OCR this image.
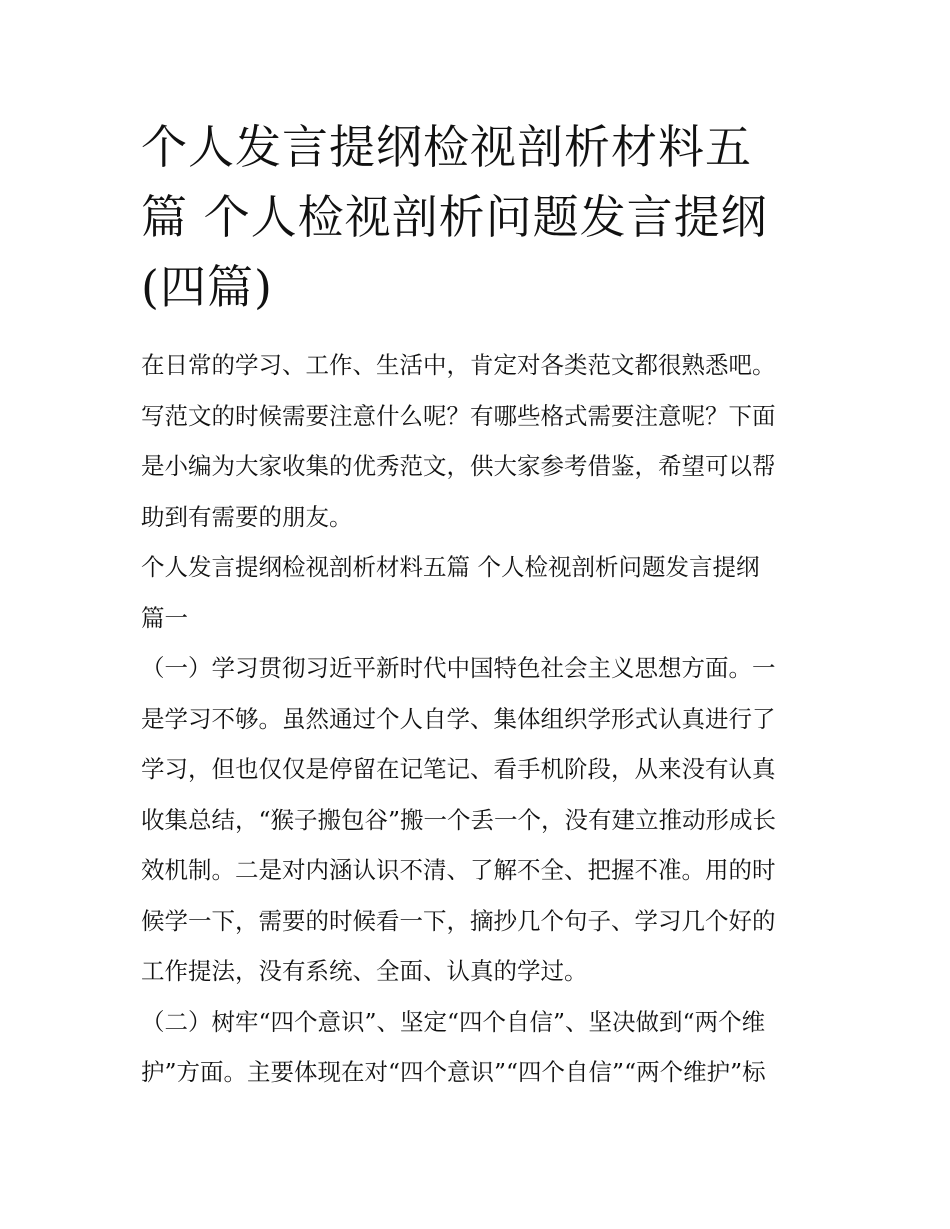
个人发言提纲检视剖析材料五
篇 个人检视剖析问题发言提纲
(四篇)

在日常的学习、工作、生活中，肯定对各类范文都很熟悉吧。
写范文的时候需要注意什么呢？有哪些格式需要注意呢？下面
是小编为大家收集的优秀范文，供大家参考借鉴，希望可以帮
助到有需要的朋友。

个人发言提纲检视剖析材料五篇 个人检视剖析问题发言提纲
篇一

（一）学习贯彻习近平新时代中国特色社会主义思想方面。一
是学习不够。虽然通过个人自学、集体组织学形式认真进行了
学习，但也仅仅是停留在记笔记、看手机阶段，从来没有认真
收集总结，“猴子搬包谷”搬一个丢一个，没有建立推动形成长
效机制。二是对内涵认识不清、了解不全、把握不准。用的时
候学一下，需要的时候看一下，摘抄几个句子、学习几个好的
工作提法，没有系统、全面、认真的学过。

（二）树牢“四个意识”、坚定“四个自信”、坚决做到“两个维
护”方面。主要体现在对“四个意识”“四个自信”“两个维护”标
